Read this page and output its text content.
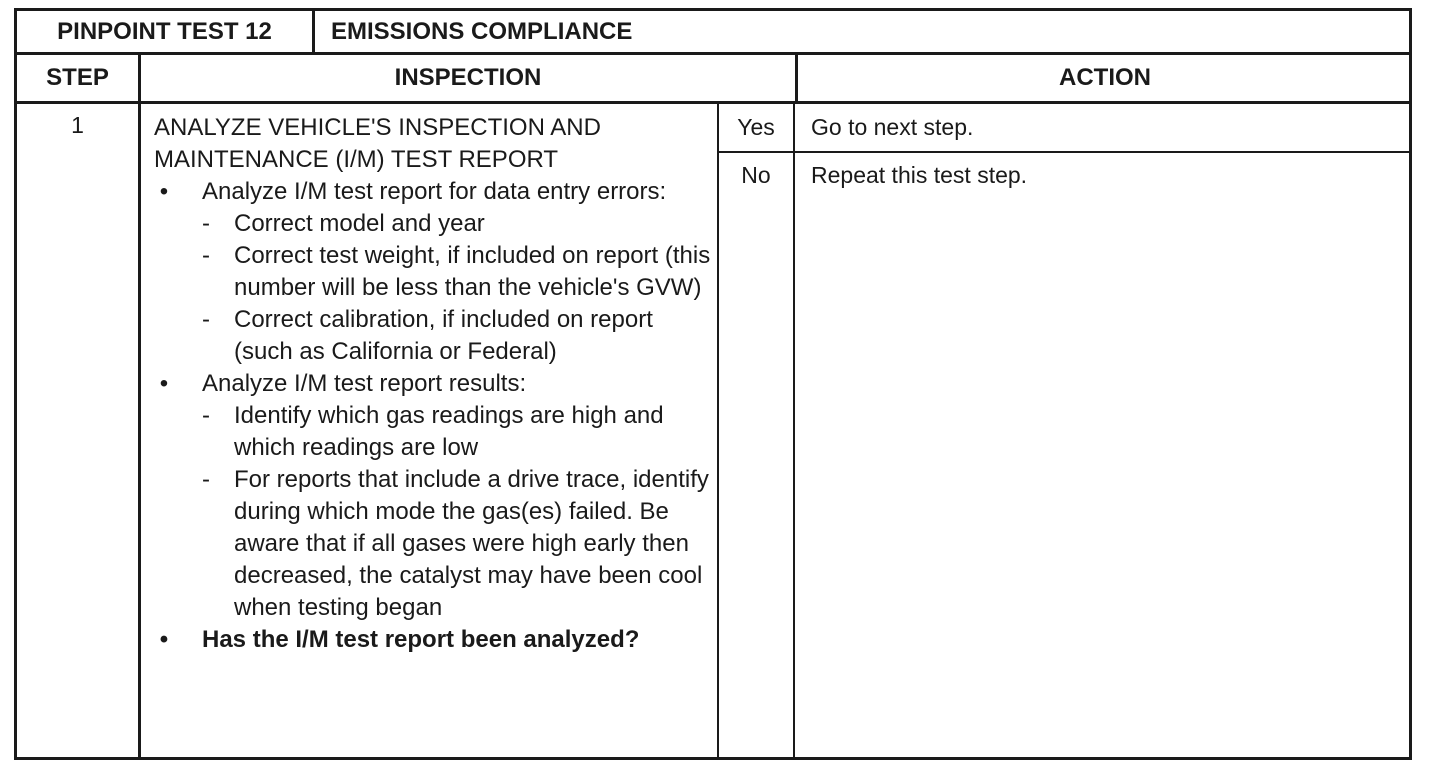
PINPOINT TEST 12	EMISSIONS COMPLIANCE
STEP	INSPECTION	ACTION
1	ANALYZE VEHICLE'S INSPECTION AND
MAINTENANCE (I/M) TEST REPORT
• Analyze I/M test report for data entry errors:
- Correct model and year
- Correct test weight, if included on report (this number will be less than the vehicle's GVW)
- Correct calibration, if included on report (such as California or Federal)
• Analyze I/M test report results:
- Identify which gas readings are high and which readings are low
- For reports that include a drive trace, identify during which mode the gas(es) failed. Be aware that if all gases were high early then decreased, the catalyst may have been cool when testing began
• Has the I/M test report been analyzed?
Yes	Go to next step.
No	Repeat this test step.
